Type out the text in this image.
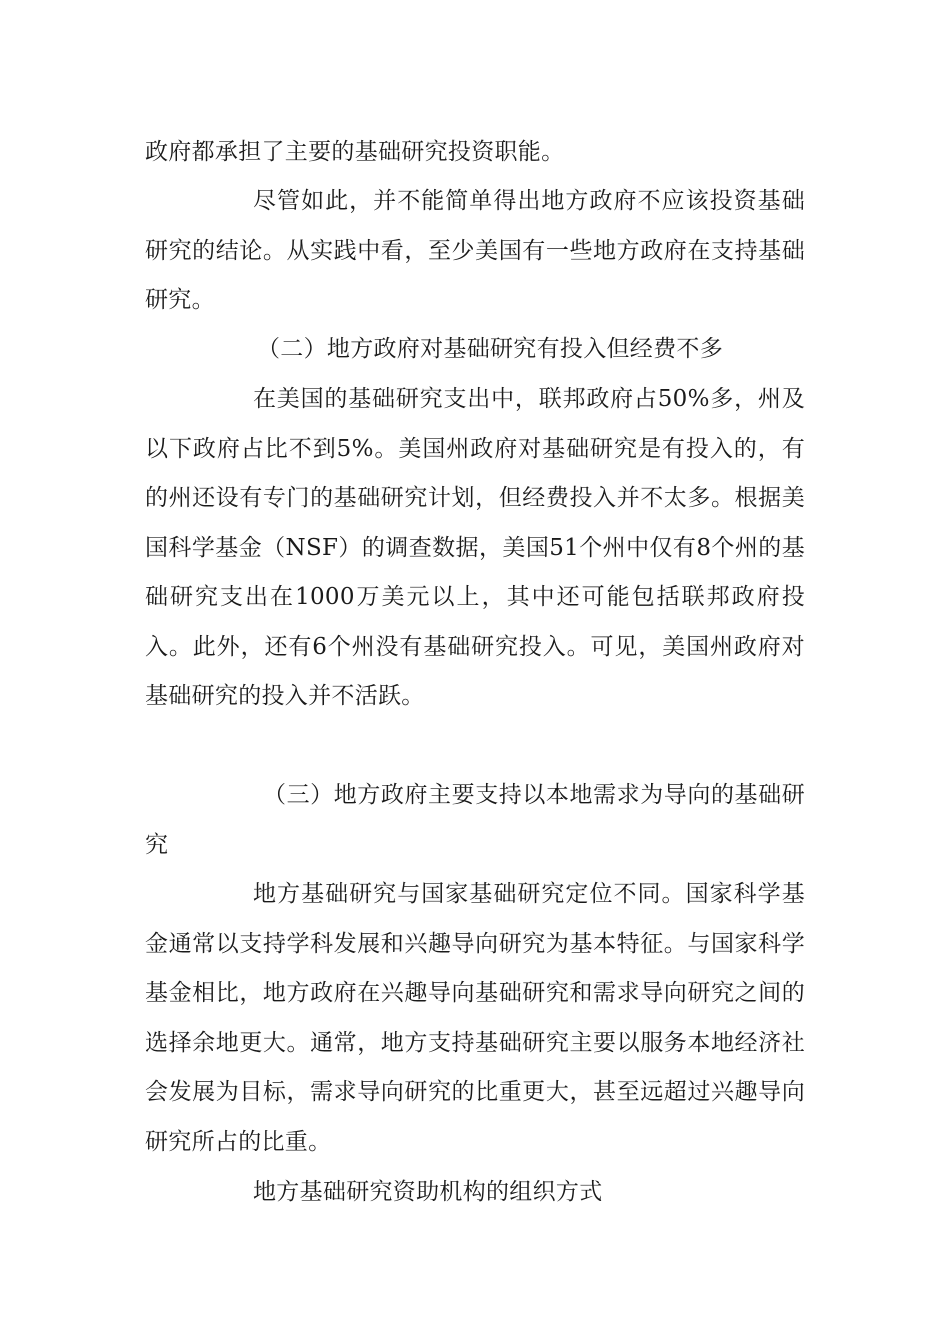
政府都承担了主要的基础研究投资职能。

尽管如此，并不能简单得出地方政府不应该投资基础研究的结论。从实践中看，至少美国有一些地方政府在支持基础研究。

（二）地方政府对基础研究有投入但经费不多

在美国的基础研究支出中，联邦政府占50%多，州及以下政府占比不到5%。美国州政府对基础研究是有投入的，有的州还设有专门的基础研究计划，但经费投入并不太多。根据美国科学基金（NSF）的调查数据，美国51个州中仅有8个州的基础研究支出在1000万美元以上，其中还可能包括联邦政府投入。此外，还有6个州没有基础研究投入。可见，美国州政府对基础研究的投入并不活跃。

（三）地方政府主要支持以本地需求为导向的基础研究

地方基础研究与国家基础研究定位不同。国家科学基金通常以支持学科发展和兴趣导向研究为基本特征。与国家科学基金相比，地方政府在兴趣导向基础研究和需求导向研究之间的选择余地更大。通常，地方支持基础研究主要以服务本地经济社会发展为目标，需求导向研究的比重更大，甚至远超过兴趣导向研究所占的比重。

地方基础研究资助机构的组织方式
